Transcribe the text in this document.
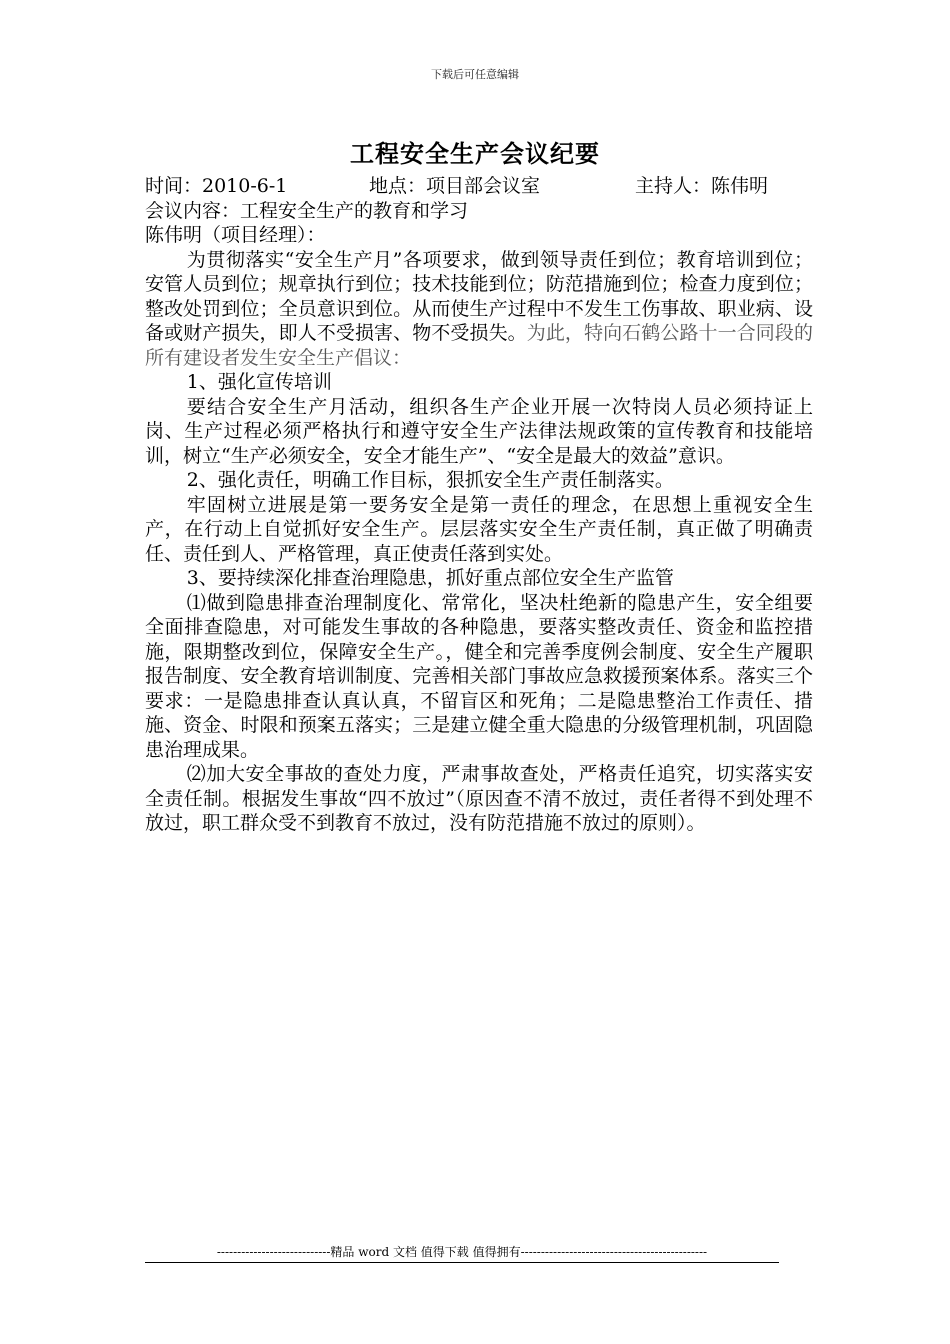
下载后可任意编辑
工程安全生产会议纪要
时间：2010-6-1	地点：项目部会议室	主持人：陈伟明
会议内容：工程安全生产的教育和学习
陈伟明（项目经理）：
为贯彻落实“安全生产月”各项要求，做到领导责任到位；教育培训到位；安管人员到位；规章执行到位；技术技能到位；防范措施到位；检查力度到位；整改处罚到位；全员意识到位。从而使生产过程中不发生工伤事故、职业病、设备或财产损失，即人不受损害、物不受损失。为此，特向石鹤公路十一合同段的所有建设者发生安全生产倡议：
1、强化宣传培训
要结合安全生产月活动，组织各生产企业开展一次特岗人员必须持证上岗、生产过程必须严格执行和遵守安全生产法律法规政策的宣传教育和技能培训，树立“生产必须安全，安全才能生产”、“安全是最大的效益”意识。
2、强化责任，明确工作目标，狠抓安全生产责任制落实。
牢固树立进展是第一要务安全是第一责任的理念，在思想上重视安全生产，在行动上自觉抓好安全生产。层层落实安全生产责任制，真正做了明确责任、责任到人、严格管理，真正使责任落到实处。
3、要持续深化排查治理隐患，抓好重点部位安全生产监管
⑴做到隐患排查治理制度化、常常化，坚决杜绝新的隐患产生，安全组要全面排查隐患，对可能发生事故的各种隐患，要落实整改责任、资金和监控措施，限期整改到位，保障安全生产。，健全和完善季度例会制度、安全生产履职报告制度、安全教育培训制度、完善相关部门事故应急救援预案体系。落实三个要求：一是隐患排查认真认真，不留盲区和死角；二是隐患整治工作责任、措施、资金、时限和预案五落实；三是建立健全重大隐患的分级管理机制，巩固隐患治理成果。
⑵加大安全事故的查处力度，严肃事故查处，严格责任追究，切实落实安全责任制。根据发生事故“四不放过”（原因查不清不放过，责任者得不到处理不放过，职工群众受不到教育不放过，没有防范措施不放过的原则）。
----------------------------精品 word 文档 值得下载 值得拥有----------------------------------------------
